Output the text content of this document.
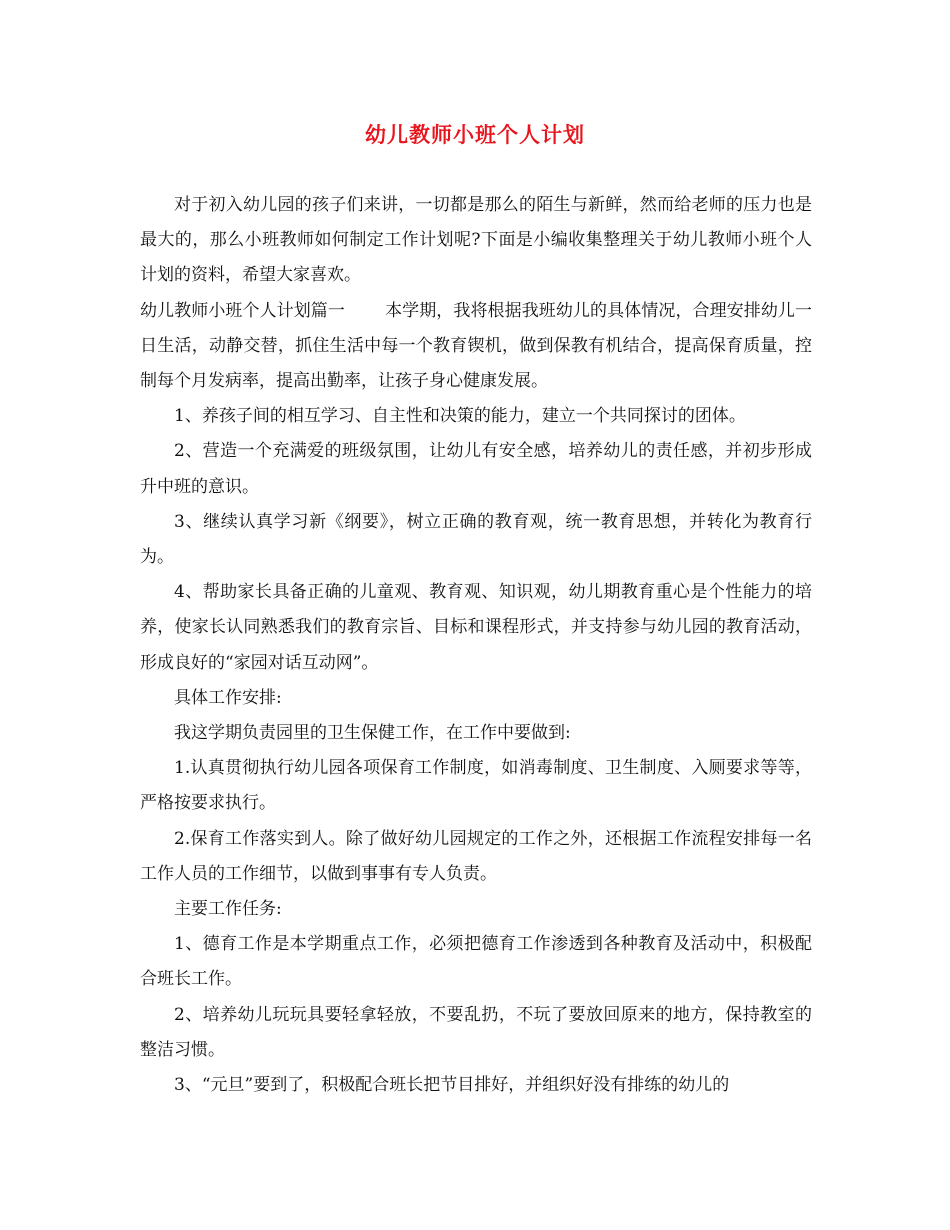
幼儿教师小班个人计划

对于初入幼儿园的孩子们来讲，一切都是那么的陌生与新鲜，然而给老师的压力也是最大的，那么小班教师如何制定工作计划呢?下面是小编收集整理关于幼儿教师小班个人计划的资料，希望大家喜欢。

幼儿教师小班个人计划篇一 本学期，我将根据我班幼儿的具体情况，合理安排幼儿一日生活，动静交替，抓住生活中每一个教育锲机，做到保教有机结合，提高保育质量，控制每个月发病率，提高出勤率，让孩子身心健康发展。

1、养孩子间的相互学习、自主性和决策的能力，建立一个共同探讨的团体。

2、营造一个充满爱的班级氛围，让幼儿有安全感，培养幼儿的责任感，并初步形成升中班的意识。

3、继续认真学习新《纲要》，树立正确的教育观，统一教育思想，并转化为教育行为。

4、帮助家长具备正确的儿童观、教育观、知识观，幼儿期教育重心是个性能力的培养，使家长认同熟悉我们的教育宗旨、目标和课程形式，并支持参与幼儿园的教育活动，形成良好的“家园对话互动网”。

具体工作安排:

我这学期负责园里的卫生保健工作，在工作中要做到:

1.认真贯彻执行幼儿园各项保育工作制度，如消毒制度、卫生制度、入厕要求等等，严格按要求执行。

2.保育工作落实到人。除了做好幼儿园规定的工作之外，还根据工作流程安排每一名工作人员的工作细节，以做到事事有专人负责。

主要工作任务:

1、德育工作是本学期重点工作，必须把德育工作渗透到各种教育及活动中，积极配合班长工作。

2、培养幼儿玩玩具要轻拿轻放，不要乱扔，不玩了要放回原来的地方，保持教室的整洁习惯。

3、“元旦”要到了，积极配合班长把节目排好，并组织好没有排练的幼儿的
